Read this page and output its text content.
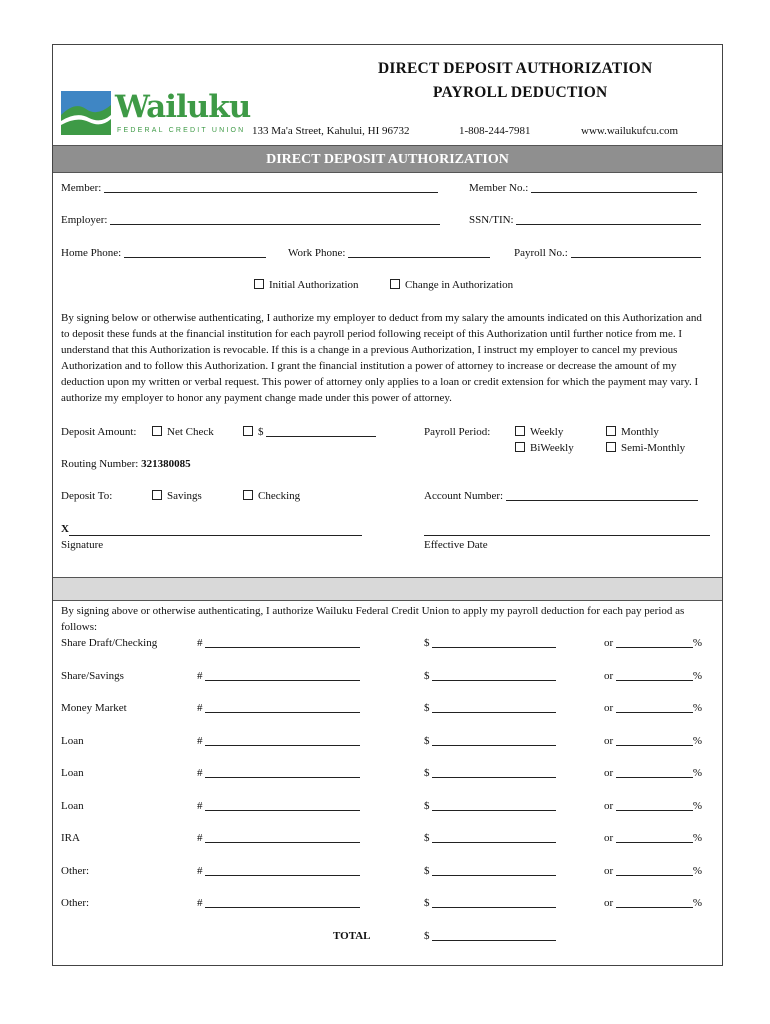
Wailuku
FEDERAL CREDIT UNION
DIRECT DEPOSIT AUTHORIZATION
PAYROLL DEDUCTION
133 Ma'a Street, Kahului, HI 96732	1-808-244-7981	www.wailukufcu.com
DIRECT DEPOSIT AUTHORIZATION
Member:	Member No.:
Employer:	SSN/TIN:
Home Phone:	Work Phone:	Payroll No.:
Initial Authorization	Change in Authorization
By signing below or otherwise authenticating, I authorize my employer to deduct from my salary the amounts indicated on this Authorization and to deposit these funds at the financial institution for each payroll period following receipt of this Authorization until further notice from me. I understand that this Authorization is revocable. If this is a change in a previous Authorization, I instruct my employer to cancel my previous Authorization and to follow this Authorization. I grant the financial institution a power of attorney to increase or decrease the amount of my deduction upon my written or verbal request. This power of attorney only applies to a loan or credit extension for which the payment may vary. I authorize my employer to honor any payment change made under this power of attorney.
Deposit Amount:	Net Check	$	Payroll Period:	Weekly	Monthly
BiWeekly	Semi-Monthly
Routing Number: 321380085
Deposit To:	Savings	Checking	Account Number:
X
Signature	Effective Date
By signing above or otherwise authenticating, I authorize Wailuku Federal Credit Union to apply my payroll deduction for each pay period as follows:
Share Draft/Checking	#	$	or	%
Share/Savings	#	$	or	%
Money Market	#	$	or	%
Loan	#	$	or	%
Loan	#	$	or	%
Loan	#	$	or	%
IRA	#	$	or	%
Other:	#	$	or	%
Other:	#	$	or	%
TOTAL	$
